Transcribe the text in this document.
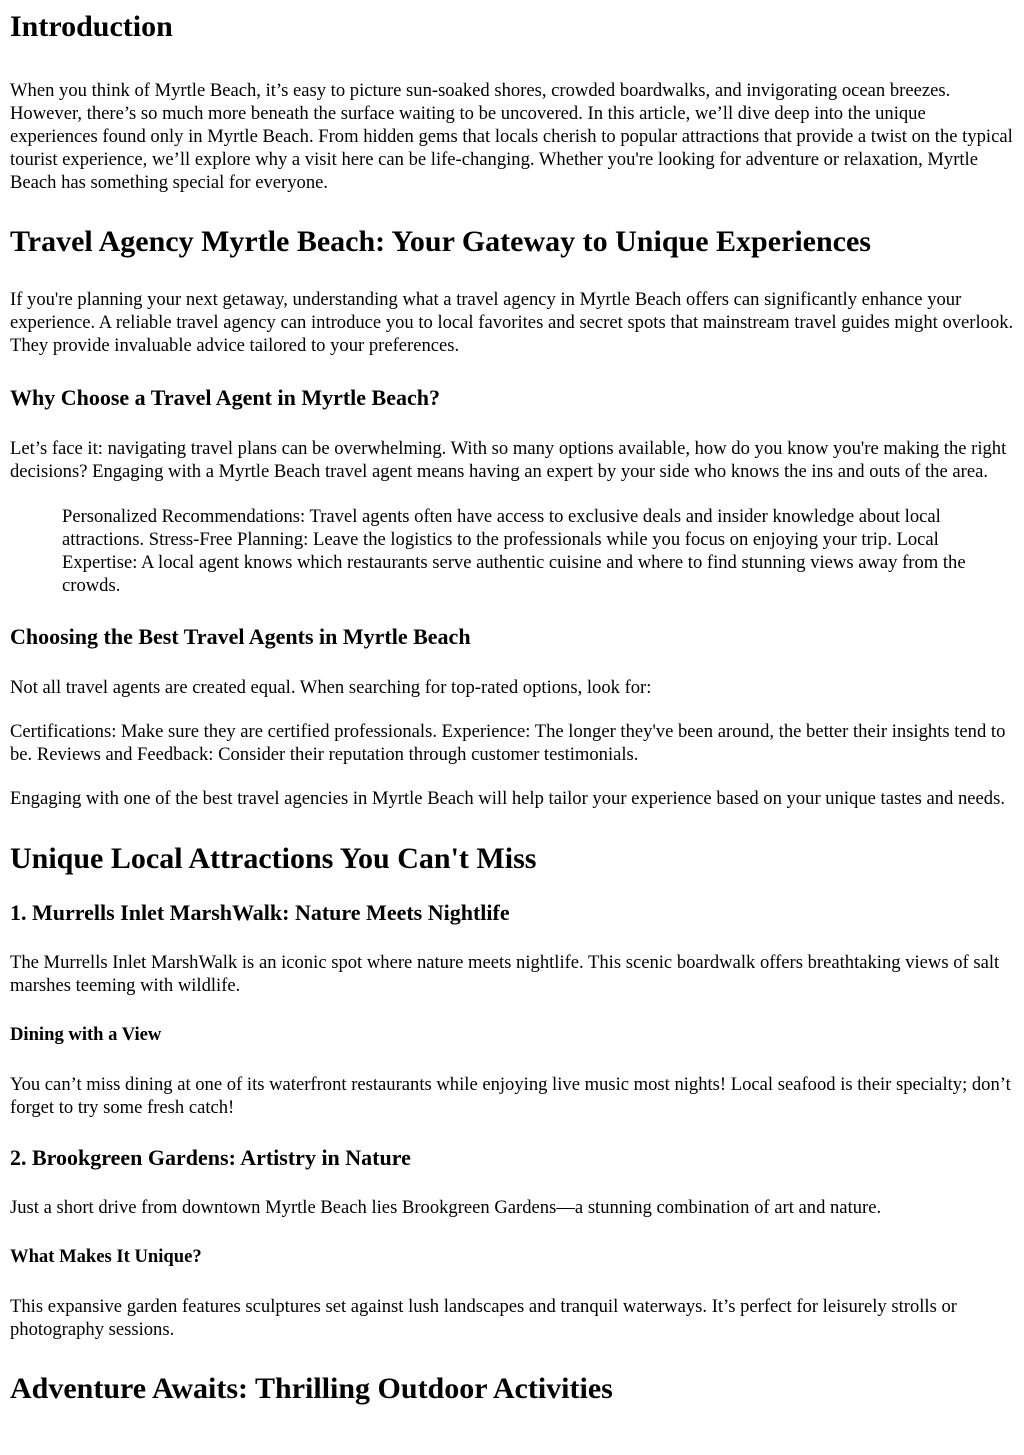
Introduction

When you think of Myrtle Beach, it’s easy to picture sun-soaked shores, crowded boardwalks, and invigorating ocean breezes. However, there’s so much more beneath the surface waiting to be uncovered. In this article, we’ll dive deep into the unique experiences found only in Myrtle Beach. From hidden gems that locals cherish to popular attractions that provide a twist on the typical tourist experience, we’ll explore why a visit here can be life-changing. Whether you're looking for adventure or relaxation, Myrtle Beach has something special for everyone.

Travel Agency Myrtle Beach: Your Gateway to Unique Experiences

If you're planning your next getaway, understanding what a travel agency in Myrtle Beach offers can significantly enhance your experience. A reliable travel agency can introduce you to local favorites and secret spots that mainstream travel guides might overlook. They provide invaluable advice tailored to your preferences.

Why Choose a Travel Agent in Myrtle Beach?

Let’s face it: navigating travel plans can be overwhelming. With so many options available, how do you know you're making the right decisions? Engaging with a Myrtle Beach travel agent means having an expert by your side who knows the ins and outs of the area.

Personalized Recommendations: Travel agents often have access to exclusive deals and insider knowledge about local attractions. Stress-Free Planning: Leave the logistics to the professionals while you focus on enjoying your trip. Local Expertise: A local agent knows which restaurants serve authentic cuisine and where to find stunning views away from the crowds.
Choosing the Best Travel Agents in Myrtle Beach

Not all travel agents are created equal. When searching for top-rated options, look for:

Certifications: Make sure they are certified professionals. Experience: The longer they've been around, the better their insights tend to be. Reviews and Feedback: Consider their reputation through customer testimonials.

Engaging with one of the best travel agencies in Myrtle Beach will help tailor your experience based on your unique tastes and needs.

Unique Local Attractions You Can't Miss
1. Murrells Inlet MarshWalk: Nature Meets Nightlife

The Murrells Inlet MarshWalk is an iconic spot where nature meets nightlife. This scenic boardwalk offers breathtaking views of salt marshes teeming with wildlife.

Dining with a View

You can’t miss dining at one of its waterfront restaurants while enjoying live music most nights! Local seafood is their specialty; don’t forget to try some fresh catch!

2. Brookgreen Gardens: Artistry in Nature

Just a short drive from downtown Myrtle Beach lies Brookgreen Gardens—a stunning combination of art and nature.

What Makes It Unique?

This expansive garden features sculptures set against lush landscapes and tranquil waterways. It’s perfect for leisurely strolls or photography sessions.

Adventure Awaits: Thrilling Outdoor Activities
